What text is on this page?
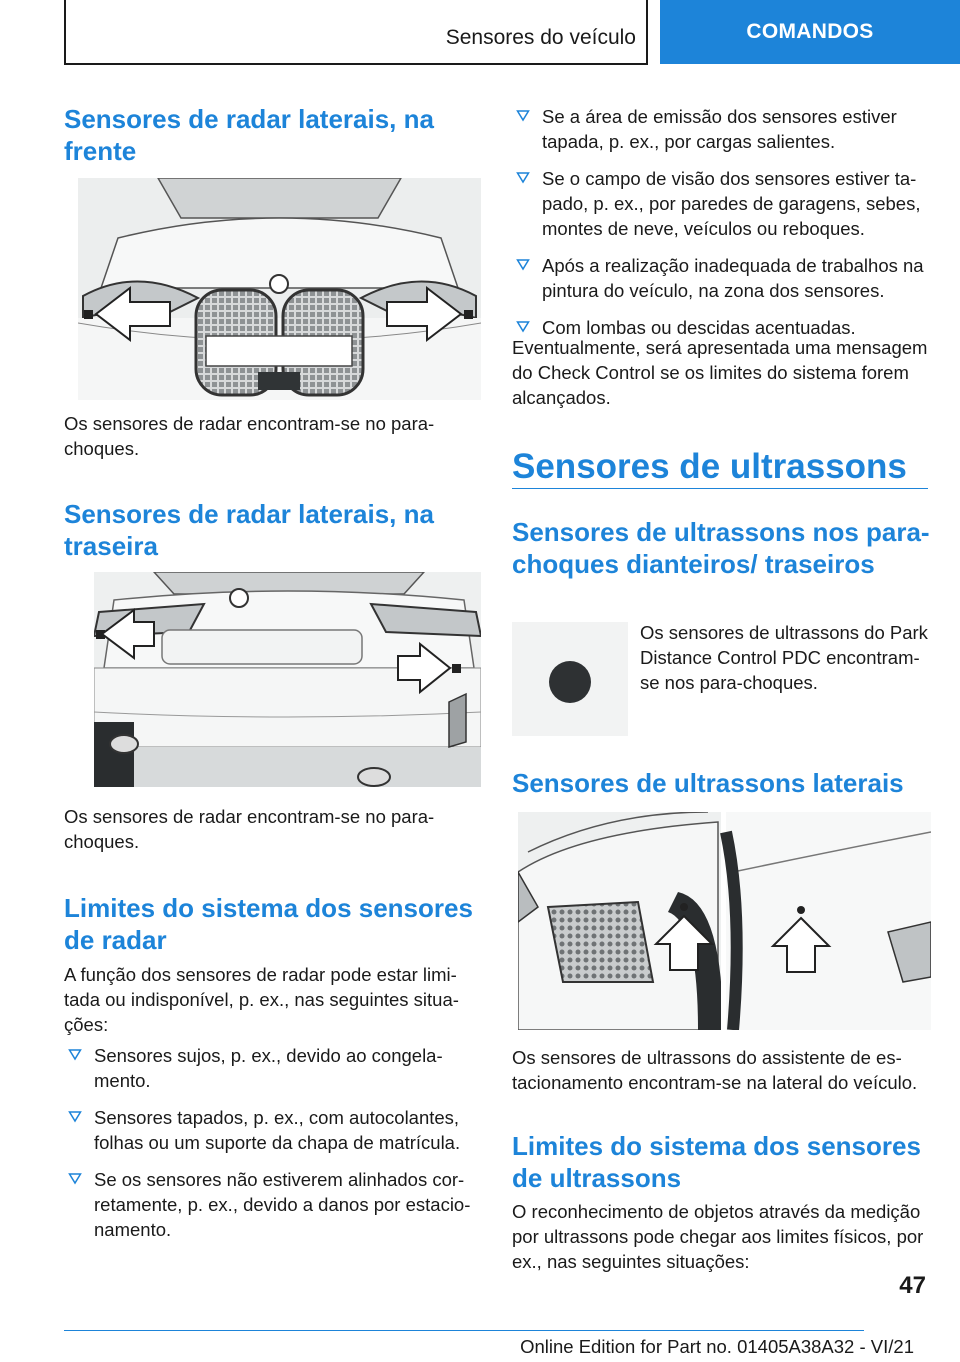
Sensores do veículo	COMANDOS
Sensores de radar laterais, na frente

Os sensores de radar encontram-se no para-choques.

Sensores de radar laterais, na traseira

Os sensores de radar encontram-se no para-choques.

Limites do sistema dos sensores de radar

A função dos sensores de radar pode estar limitada ou indisponível, p. ex., nas seguintes situações:

Sensores sujos, p. ex., devido ao congelamento.
Sensores tapados, p. ex., com autocolantes, folhas ou um suporte da chapa de matrícula.
Se os sensores não estiverem alinhados corretamente, p. ex., devido a danos por estacionamento.
Se a área de emissão dos sensores estiver tapada, p. ex., por cargas salientes.
Se o campo de visão dos sensores estiver tapado, p. ex., por paredes de garagens, sebes, montes de neve, veículos ou reboques.
Após a realização inadequada de trabalhos na pintura do veículo, na zona dos sensores.
Com lombas ou descidas acentuadas.

Eventualmente, será apresentada uma mensagem do Check Control se os limites do sistema forem alcançados.

Sensores de ultrassons
Sensores de ultrassons nos para-choques dianteiros/ traseiros

Os sensores de ultrassons do Park Distance Control PDC encontram-se nos para-choques.

Sensores de ultrassons laterais

Os sensores de ultrassons do assistente de estacionamento encontram-se na lateral do veículo.

Limites do sistema dos sensores de ultrassons

O reconhecimento de objetos através da medição por ultrassons pode chegar aos limites físicos, por ex., nas seguintes situações:

47
Online Edition for Part no. 01405A38A32 - VI/21
